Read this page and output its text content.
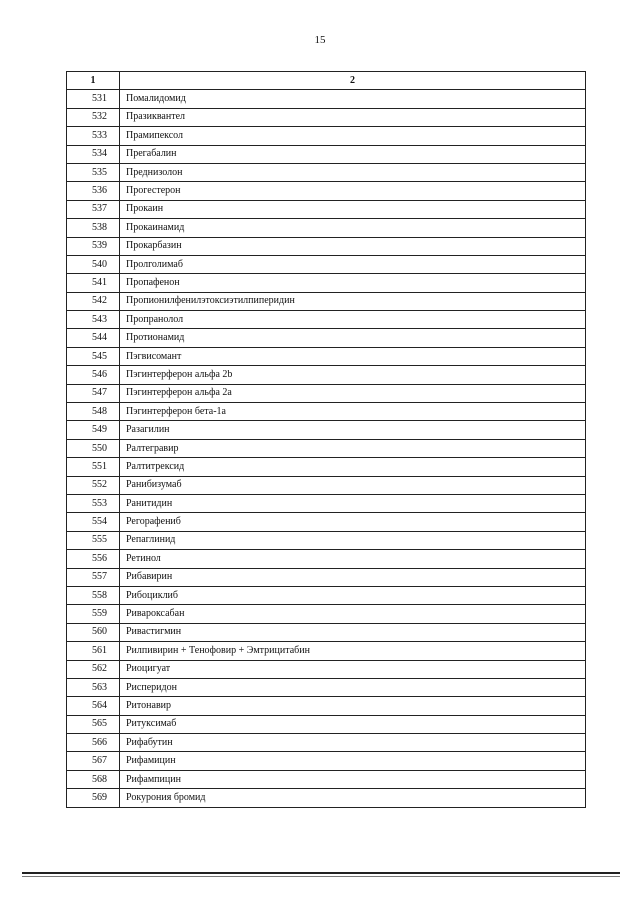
15
1	2
531	Помалидомид
532	Празиквантел
533	Прамипексол
534	Прегабалин
535	Преднизолон
536	Прогестерон
537	Прокаин
538	Прокаинамид
539	Прокарбазин
540	Пролголимаб
541	Пропафенон
542	Пропионилфенилэтоксиэтилпиперидин
543	Пропранолол
544	Протионамид
545	Пэгвисомант
546	Пэгинтерферон альфа 2b
547	Пэгинтерферон альфа 2а
548	Пэгинтерферон бета-1а
549	Разагилин
550	Ралтегравир
551	Ралтитрексид
552	Ранибизумаб
553	Ранитидин
554	Регорафениб
555	Репаглинид
556	Ретинол
557	Рибавирин
558	Рибоциклиб
559	Ривароксабан
560	Ривастигмин
561	Рилпивирин + Тенофовир + Эмтрицитабин
562	Риоцигуат
563	Рисперидон
564	Ритонавир
565	Ритуксимаб
566	Рифабутин
567	Рифамицин
568	Рифампицин
569	Рокурония бромид
